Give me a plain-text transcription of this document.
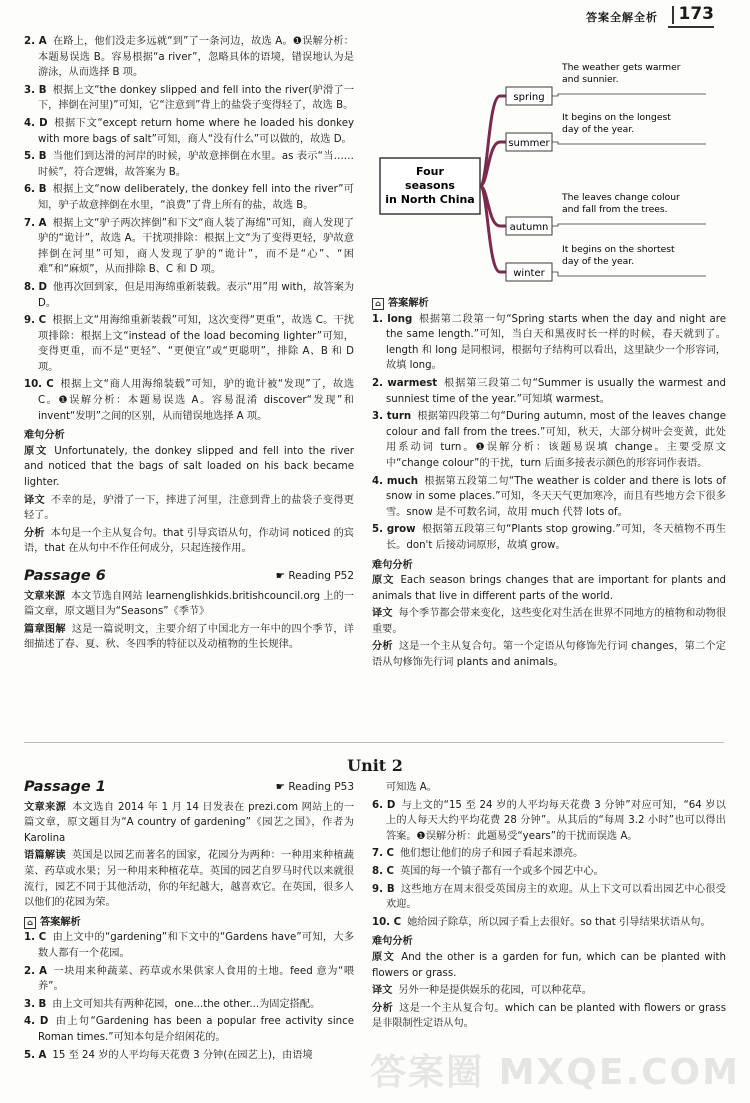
答案全解全析 173

2. A 在路上，他们没走多远就“到”了一条河边，故选 A。❶误解分析：本题易误选 B。容易根据“a river”，忽略具体的语境，错误地认为是游泳，从而选择 B 项。

3. B 根据上文“the donkey slipped and fell into the river(驴滑了一下，摔倒在河里)”可知，它“注意到”背上的盐袋子变得轻了，故选 B。

4. D 根据下文“except return home where he loaded his donkey with more bags of salt”可知，商人“没有什么”可以做的，故选 D。

5. B 当他们到达滑的河岸的时候，驴故意摔倒在水里。as 表示“当……时候”，符合逻辑，故答案为 B。

6. B 根据上文“now deliberately, the donkey fell into the river”可知，驴子故意摔倒在水里，“浪费”了背上所有的盐，故选 B。

7. A 根据上文“驴子两次摔倒”和下文“商人装了海绵”可知，商人发现了驴的“诡计”，故选 A。干扰项排除：根据上文“为了变得更轻，驴故意摔倒在河里”可知，商人发现了驴的“诡计”，而不是“心”、“困难”和“麻烦”，从而排除 B、C 和 D 项。

8. D 他再次回到家，但是用海绵重新装载。表示“用”用 with，故答案为 D。

9. C 根据上文“用海绵重新装载”可知，这次变得“更重”，故选 C。干扰项排除：根据上文“instead of the load becoming lighter”可知，变得更重，而不是“更轻”、“更便宜”或“更聪明”，排除 A、B 和 D 项。

10. C 根据上文“商人用海绵装载”可知，驴的诡计被“发现”了，故选 C。❶误解分析：本题易误选 A。容易混淆 discover“发现”和 invent“发明”之间的区别，从而错误地选择 A 项。

难句分析

原文 Unfortunately, the donkey slipped and fell into the river and noticed that the bags of salt loaded on his back became lighter.

译文 不幸的是，驴滑了一下，摔进了河里，注意到背上的盐袋子变得更轻了。

分析 本句是一个主从复合句。that 引导宾语从句，作动词 noticed 的宾语，that 在从句中不作任何成分，只起连接作用。

Passage 6	☛ Reading P52

文章来源 本文节选自网站 learnenglishkids.britishcouncil.org 上的一篇文章，原文题目为“Seasons”《季节》

篇章图解 这是一篇说明文，主要介绍了中国北方一年中的四个季节，详细描述了春、夏、秋、冬四季的特征以及动植物的生长规律。

Four
seasons
in North China
spring
The weather gets warmer
and sunnier.
summer
It begins on the longest
day of the year.
autumn
The leaves change colour
and fall from the trees.
winter
It begins on the shortest
day of the year.
⌂ 答案解析

1. long 根据第二段第一句“Spring starts when the day and night are the same length.”可知，当白天和黑夜时长一样的时候，春天就到了。length 和 long 是同根词，根据句子结构可以看出，这里缺少一个形容词，故填 long。

2. warmest 根据第三段第二句“Summer is usually the warmest and sunniest time of the year.”可知填 warmest。

3. turn 根据第四段第二句“During autumn, most of the leaves change colour and fall from the trees.”可知，秋天，大部分树叶会变黄，此处用系动词 turn。❶误解分析：该题易误填 change。主要受原文中“change colour”的干扰，turn 后面多接表示颜色的形容词作表语。

4. much 根据第五段第二句“The weather is colder and there is lots of snow in some places.”可知，冬天天气更加寒冷，而且有些地方会下很多雪。snow 是不可数名词，故用 much 代替 lots of。

5. grow 根据第五段第三句“Plants stop growing.”可知，冬天植物不再生长。don't 后接动词原形，故填 grow。

难句分析

原文 Each season brings changes that are important for plants and animals that live in different parts of the world.

译文 每个季节都会带来变化，这些变化对生活在世界不同地方的植物和动物很重要。

分析 这是一个主从复合句。第一个定语从句修饰先行词 changes，第二个定语从句修饰先行词 plants and animals。

Unit 2
Passage 1	☛ Reading P53

文章来源 本文选自 2014 年 1 月 14 日发表在 prezi.com 网站上的一篇文章，原文题目为“A country of gardening”《园艺之国》，作者为 Karolina

语篇解读 英国是以园艺而著名的国家，花园分为两种：一种用来种植蔬菜、药草或水果；另一种用来种植花草。英国的园艺自罗马时代以来就很流行，园艺不同于其他活动，你的年纪越大，越喜欢它。在英国，很多人以他们的花园为荣。

⌂ 答案解析

1. C 由上文中的“gardening”和下文中的“Gardens have”可知，大多数人都有一个花园。

2. A 一块用来种蔬菜、药草或水果供家人食用的土地。feed 意为“喂养”。

3. B 由上文可知共有两种花园，one...the other...为固定搭配。

4. D 由上句“Gardening has been a popular free activity since Roman times.”可知本句是介绍闲花的。

5. A 15 至 24 岁的人平均每天花费 3 分钟(在园艺上)，由语境

可知选 A。

6. D 与上文的“15 至 24 岁的人平均每天花费 3 分钟”对应可知，“64 岁以上的人每天大约平均花费 28 分钟”。从其后的“每周 3.2 小时”也可以得出答案。❶误解分析：此题易受“years”的干扰而误选 A。

7. C 他们想让他们的房子和园子看起来漂亮。

8. C 英国的每一个镇子都有一个或多个园艺中心。

9. B 这些地方在周末很受英国房主的欢迎。从上下文可以看出园艺中心很受欢迎。

10. C 她给园子除草，所以园子看上去很好。so that 引导结果状语从句。

难句分析

原文 And the other is a garden for fun, which can be planted with flowers or grass.

译文 另外一种是提供娱乐的花园，可以种花草。

分析 这是一个主从复合句。which can be planted with flowers or grass 是非限制性定语从句。

答案圈 MXQE.COM
